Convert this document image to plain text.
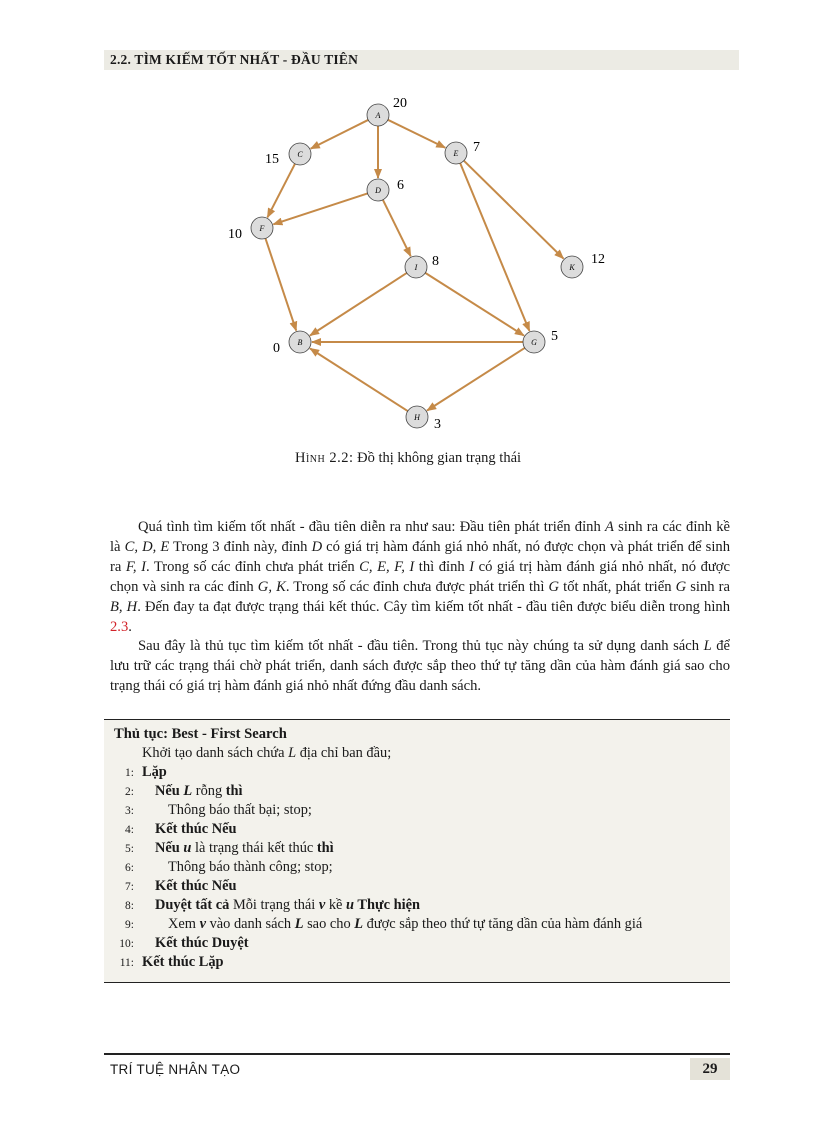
2.2. TÌM KIẾM TỐT NHẤT - ĐẦU TIÊN
A
20
C
15	E 7
D 6
F
10
I 8	K
12
B
0	G 5
H 3
Hình 2.2: Đồ thị không gian trạng thái

Quá tình tìm kiếm tốt nhất - đầu tiên diễn ra như sau: Đầu tiên phát triển đỉnh A sinh ra các đỉnh kề là C, D, E Trong 3 đỉnh này, đỉnh D có giá trị hàm đánh giá nhỏ nhất, nó được chọn và phát triển để sinh ra F, I. Trong số các đỉnh chưa phát triển C, E, F, I thì đỉnh I có giá trị hàm đánh giá nhỏ nhất, nó được chọn và sinh ra các đỉnh G, K. Trong số các đỉnh chưa được phát triển thì G tốt nhất, phát triển G sinh ra B, H. Đến đay ta đạt được trạng thái kết thúc. Cây tìm kiếm tốt nhất - đầu tiên được biểu diễn trong hình 2.3.

Sau đây là thủ tục tìm kiếm tốt nhất - đầu tiên. Trong thủ tục này chúng ta sử dụng danh sách L để lưu trữ các trạng thái chờ phát triển, danh sách được sắp theo thứ tự tăng dần của hàm đánh giá sao cho trạng thái có giá trị hàm đánh giá nhỏ nhất đứng đầu danh sách.

Thủ tục: Best - First Search
Khởi tạo danh sách chứa L địa chỉ ban đầu;
1: Lặp
2: Nếu L rỗng thì
3: Thông báo thất bại; stop;
4: Kết thúc Nếu
5: Nếu u là trạng thái kết thúc thì
6: Thông báo thành công; stop;
7: Kết thúc Nếu
8: Duyệt tất cả Mỗi trạng thái v kề u Thực hiện
9: Xem v vào danh sách L sao cho L được sắp theo thứ tự tăng dần của hàm đánh giá
10: Kết thúc Duyệt
11: Kết thúc Lặp
TRÍ TUỆ NHÂN TẠO	29
